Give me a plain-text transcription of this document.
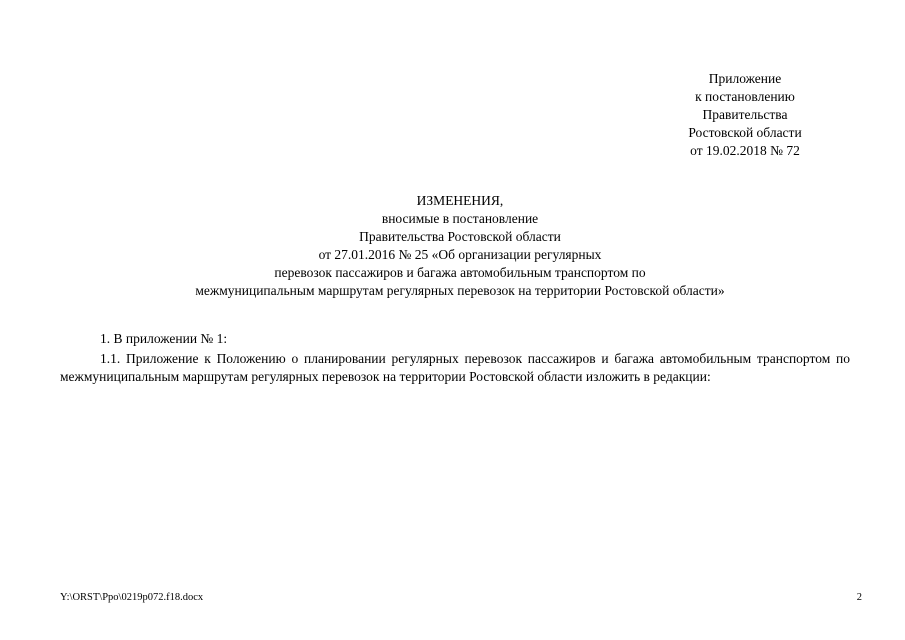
Приложение
к постановлению
Правительства
Ростовской области
от 19.02.2018 № 72
ИЗМЕНЕНИЯ,
вносимые в постановление
Правительства Ростовской области
от 27.01.2016 № 25 «Об организации регулярных
перевозок пассажиров и багажа автомобильным транспортом по
межмуниципальным маршрутам регулярных перевозок на территории Ростовской области»

1. В приложении № 1:

1.1. Приложение к Положению о планировании регулярных перевозок пассажиров и багажа автомобильным транспортом по межмуниципальным маршрутам регулярных перевозок на территории Ростовской области изложить в редакции:

Y:\ORST\Ppo\0219p072.f18.docx	2
